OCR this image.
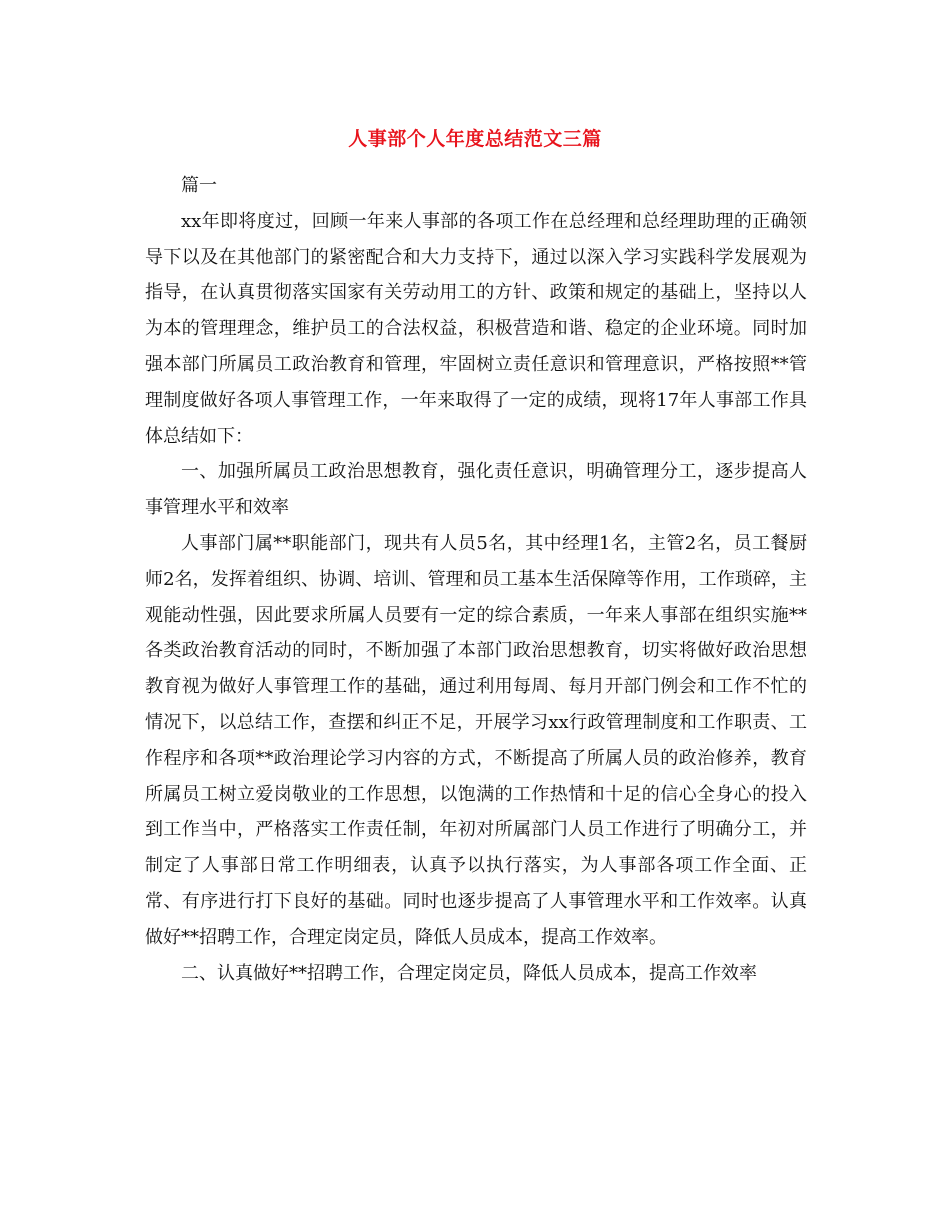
人事部个人年度总结范文三篇

篇一

xx年即将度过，回顾一年来人事部的各项工作在总经理和总经理助理的正确领导下以及在其他部门的紧密配合和大力支持下，通过以深入学习实践科学发展观为指导，在认真贯彻落实国家有关劳动用工的方针、政策和规定的基础上，坚持以人为本的管理理念，维护员工的合法权益，积极营造和谐、稳定的企业环境。同时加强本部门所属员工政治教育和管理，牢固树立责任意识和管理意识，严格按照**管理制度做好各项人事管理工作，一年来取得了一定的成绩，现将17年人事部工作具体总结如下：

一、加强所属员工政治思想教育，强化责任意识，明确管理分工，逐步提高人事管理水平和效率

人事部门属**职能部门，现共有人员5名，其中经理1名，主管2名，员工餐厨师2名，发挥着组织、协调、培训、管理和员工基本生活保障等作用，工作琐碎，主观能动性强，因此要求所属人员要有一定的综合素质，一年来人事部在组织实施**各类政治教育活动的同时，不断加强了本部门政治思想教育，切实将做好政治思想教育视为做好人事管理工作的基础，通过利用每周、每月开部门例会和工作不忙的情况下，以总结工作，查摆和纠正不足，开展学习xx行政管理制度和工作职责、工作程序和各项**政治理论学习内容的方式，不断提高了所属人员的政治修养，教育所属员工树立爱岗敬业的工作思想，以饱满的工作热情和十足的信心全身心的投入到工作当中，严格落实工作责任制，年初对所属部门人员工作进行了明确分工，并制定了人事部日常工作明细表，认真予以执行落实，为人事部各项工作全面、正常、有序进行打下良好的基础。同时也逐步提高了人事管理水平和工作效率。认真做好**招聘工作，合理定岗定员，降低人员成本，提高工作效率。

二、认真做好**招聘工作，合理定岗定员，降低人员成本，提高工作效率
